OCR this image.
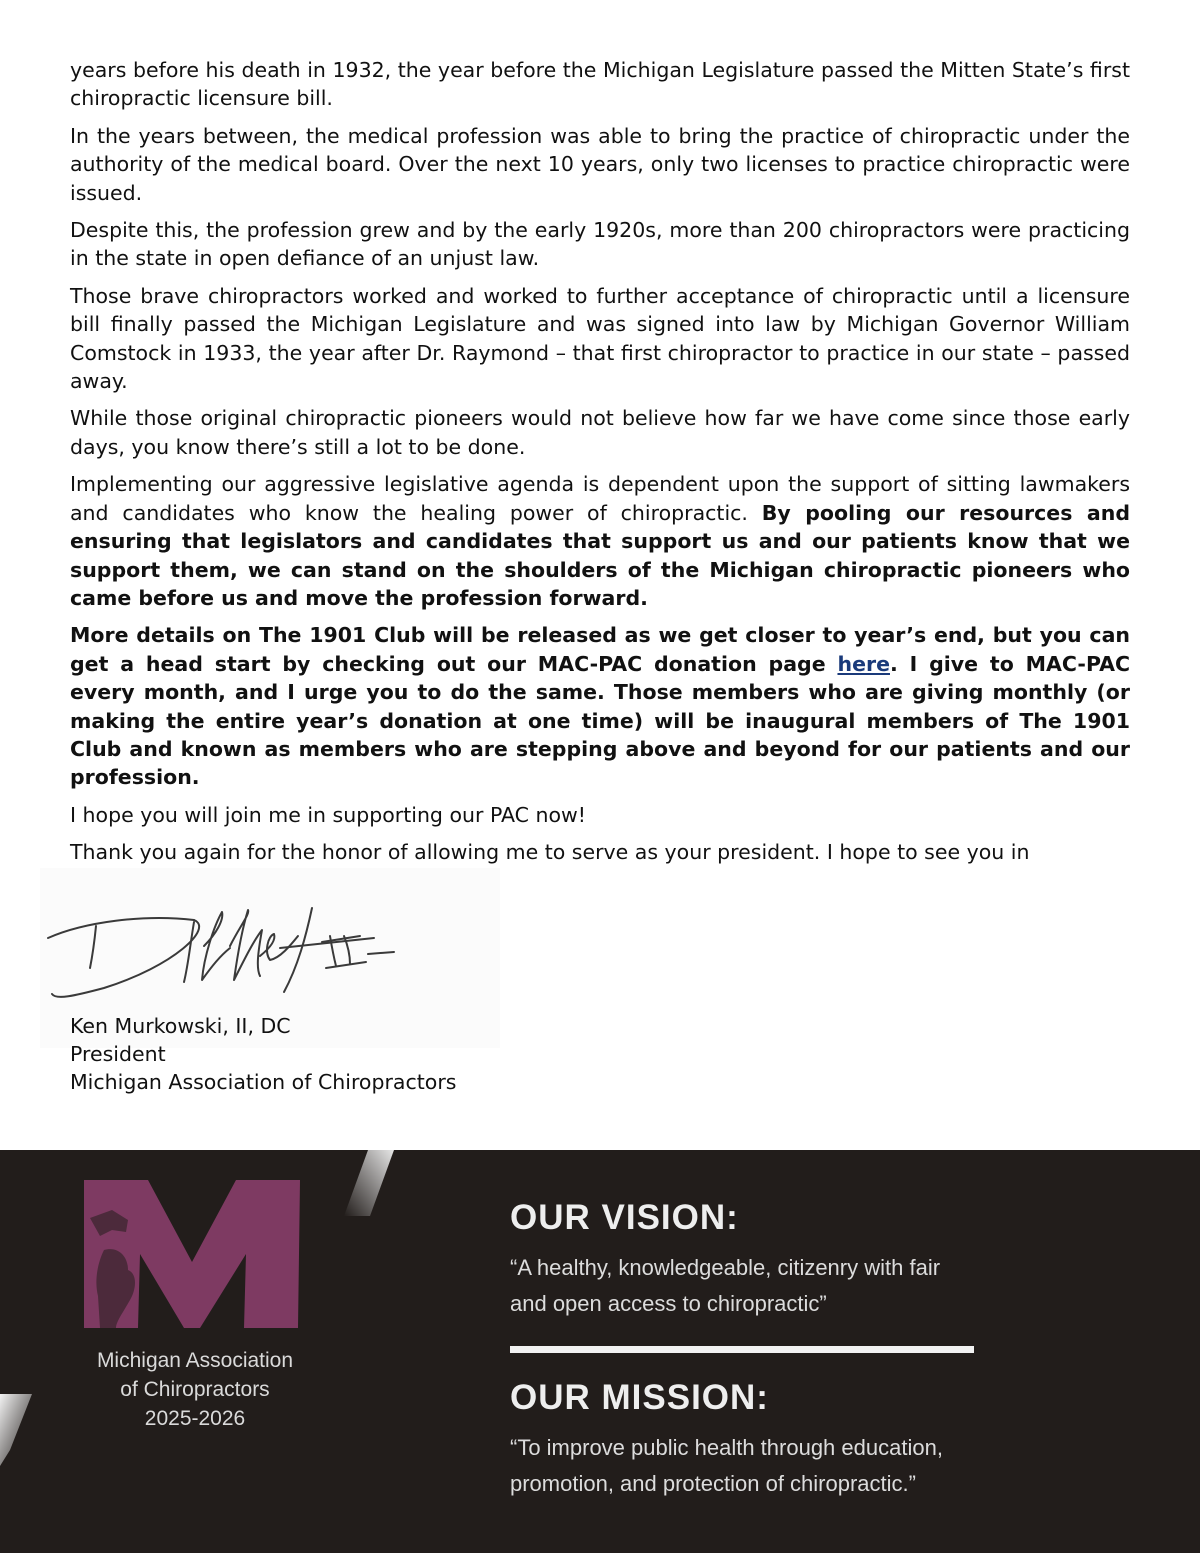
years before his death in 1932, the year before the Michigan Legislature passed the Mitten State’s first chiropractic licensure bill.

In the years between, the medical profession was able to bring the practice of chiropractic under the authority of the medical board. Over the next 10 years, only two licenses to practice chiropractic were issued.

Despite this, the profession grew and by the early 1920s, more than 200 chiropractors were practicing in the state in open defiance of an unjust law.

Those brave chiropractors worked and worked to further acceptance of chiropractic until a licensure bill finally passed the Michigan Legislature and was signed into law by Michigan Governor William Comstock in 1933, the year after Dr. Raymond – that first chiropractor to practice in our state – passed away.

While those original chiropractic pioneers would not believe how far we have come since those early days, you know there’s still a lot to be done.

Implementing our aggressive legislative agenda is dependent upon the support of sitting lawmakers and candidates who know the healing power of chiropractic. By pooling our resources and ensuring that legislators and candidates that support us and our patients know that we support them, we can stand on the shoulders of the Michigan chiropractic pioneers who came before us and move the profession forward.

More details on The 1901 Club will be released as we get closer to year’s end, but you can get a head start by checking out our MAC-PAC donation page here. I give to MAC-PAC every month, and I urge you to do the same. Those members who are giving monthly (or making the entire year’s donation at one time) will be inaugural members of The 1901 Club and known as members who are stepping above and beyond for our patients and our profession.

I hope you will join me in supporting our PAC now!

Thank you again for the honor of allowing me to serve as your president. I hope to see you in

Ken Murkowski, II, DC
President
Michigan Association of Chiropractors
Michigan Association
of Chiropractors
2025-2026
OUR VISION:
“A healthy, knowledgeable, citizenry with fair
and open access to chiropractic”
OUR MISSION:
“To improve public health through education,
promotion, and protection of chiropractic.”
